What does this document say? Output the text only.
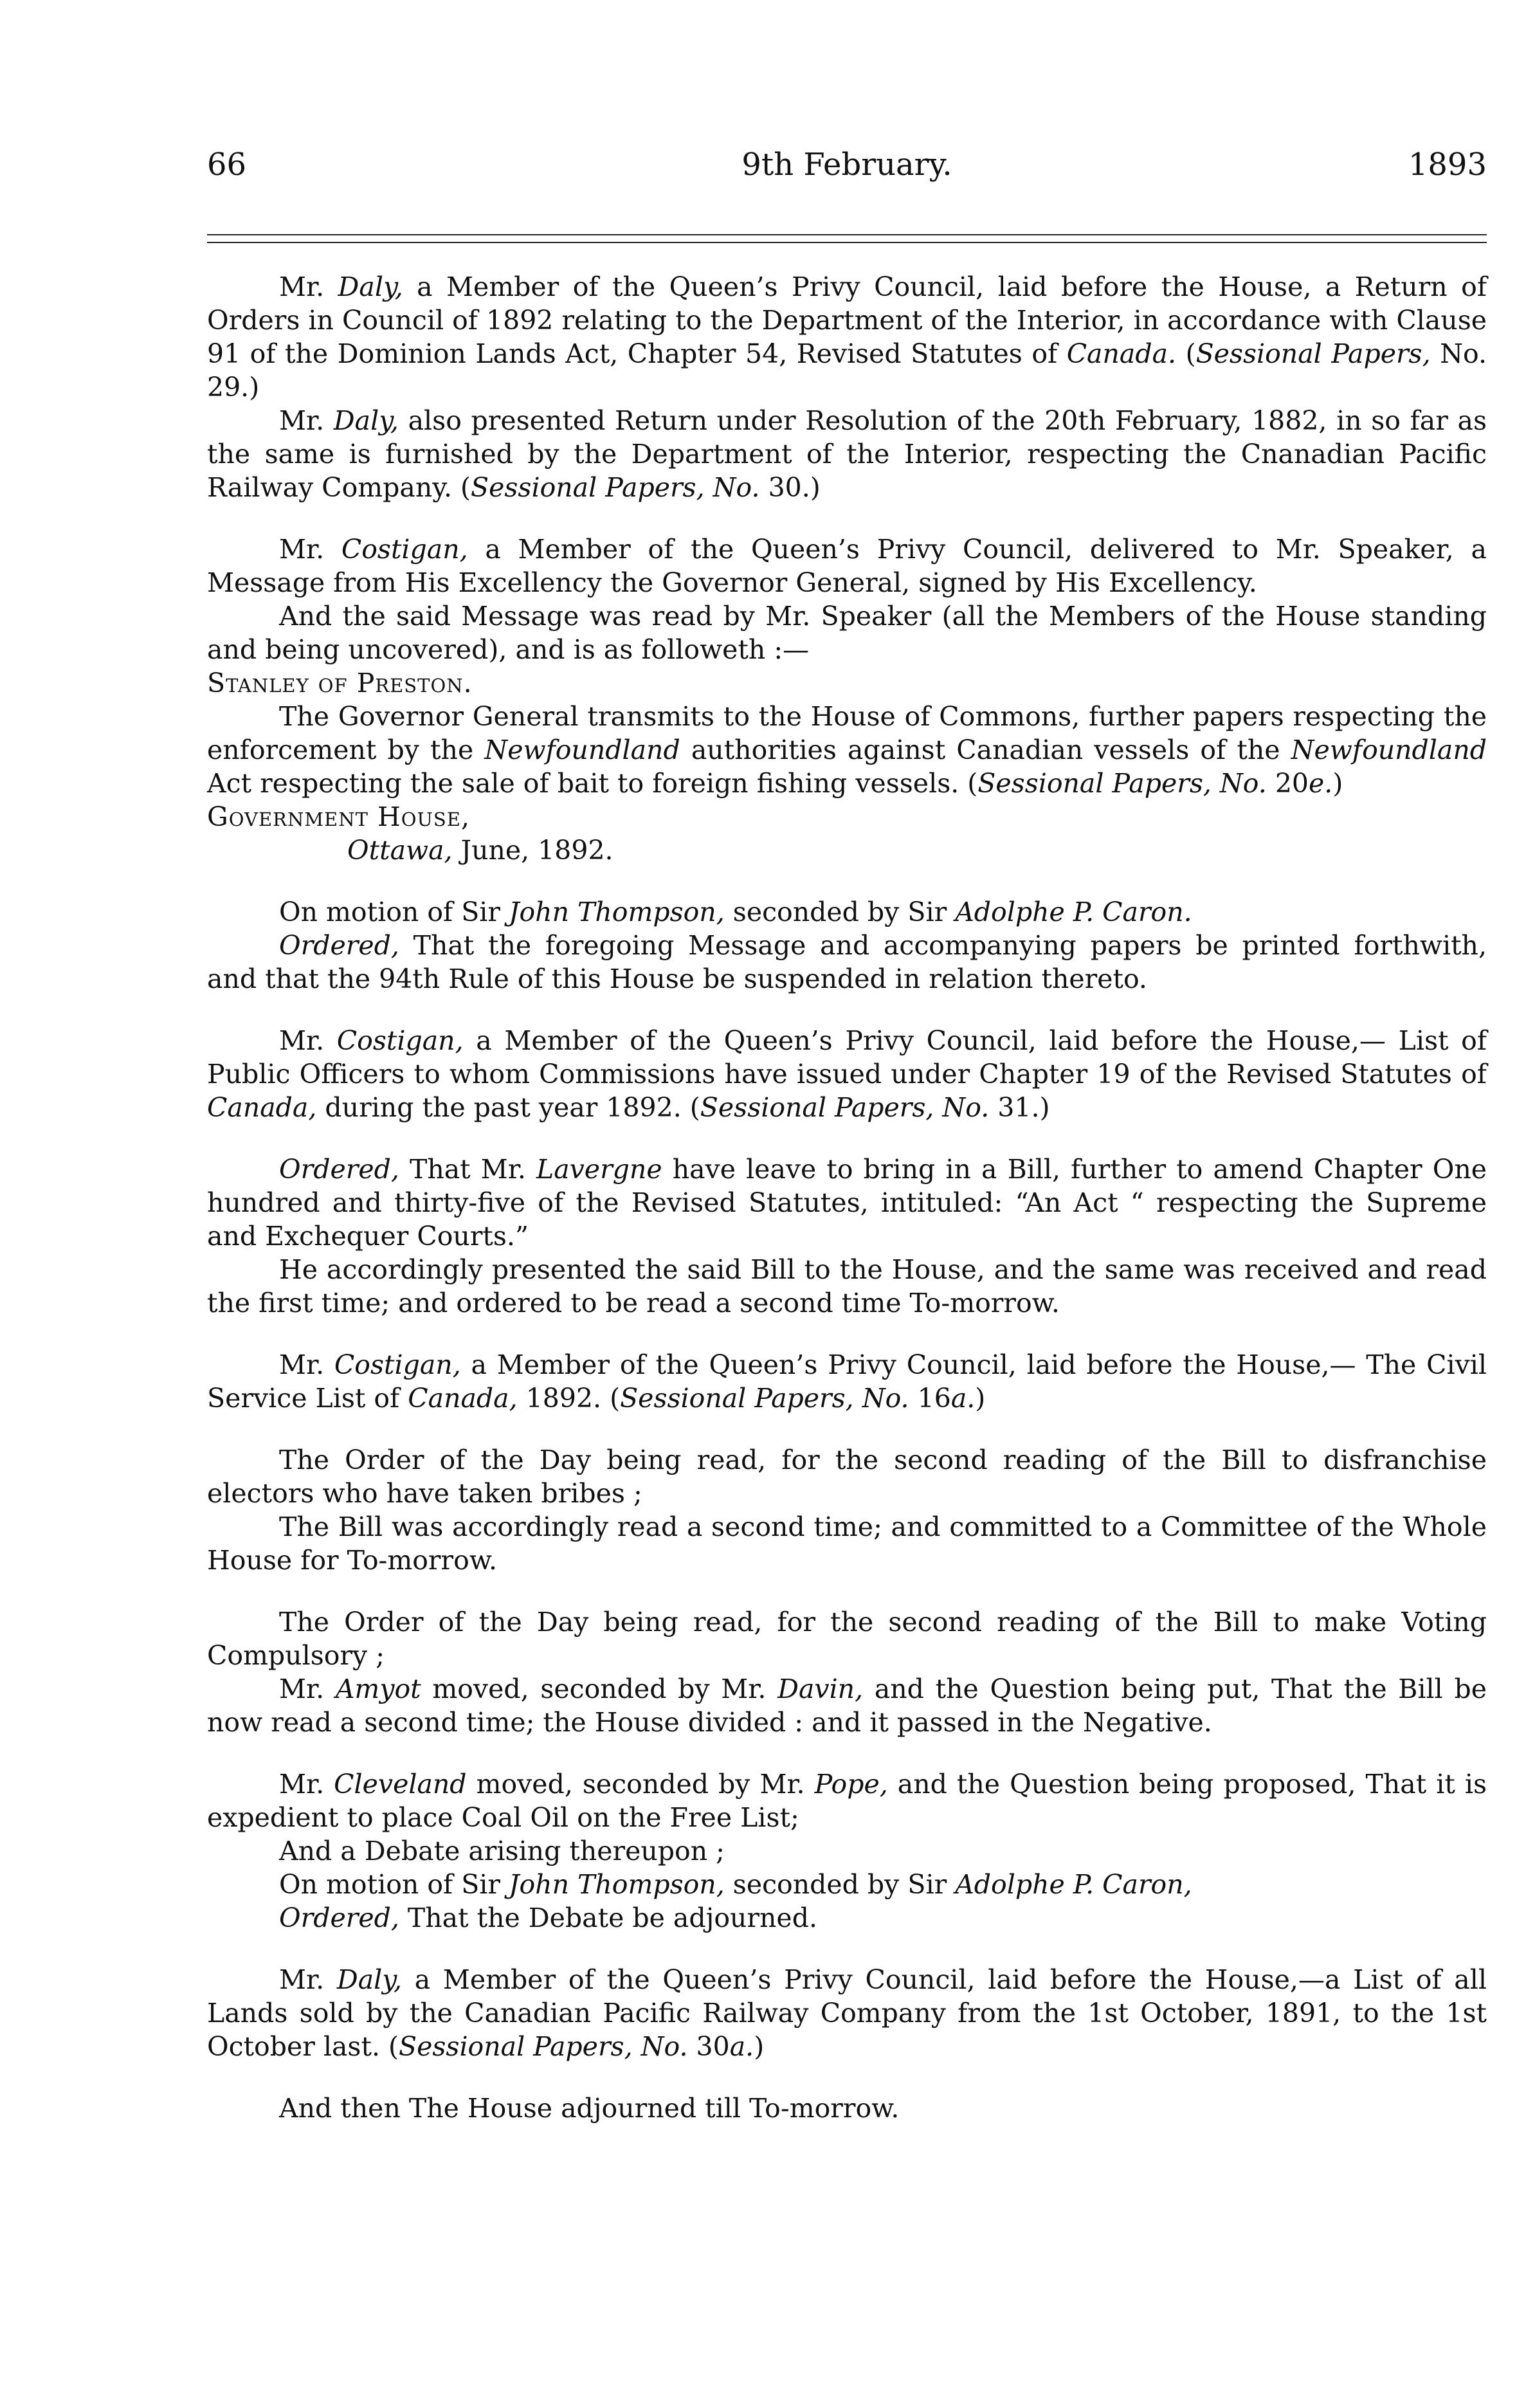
66	9th February.	1893

Mr. Daly, a Member of the Queen’s Privy Council, laid before the House, a Return of Orders in Council of 1892 relating to the Department of the Interior, in accordance with Clause 91 of the Dominion Lands Act, Chapter 54, Revised Statutes of Canada. (Sessional Papers, No. 29.)

Mr. Daly, also presented Return under Resolution of the 20th February, 1882, in so far as the same is furnished by the Department of the Interior, respecting the Cnanadian Pacific Railway Company. (Sessional Papers, No. 30.)

Mr. Costigan, a Member of the Queen’s Privy Council, delivered to Mr. Speaker, a Message from His Excellency the Governor General, signed by His Excellency.

And the said Message was read by Mr. Speaker (all the Members of the House standing and being uncovered), and is as followeth :—

Stanley of Preston.

The Governor General transmits to the House of Commons, further papers respecting the enforcement by the Newfoundland authorities against Canadian vessels of the Newfoundland Act respecting the sale of bait to foreign fishing vessels. (Sessional Papers, No. 20e.)

Government House,

Ottawa, June, 1892.

On motion of Sir John Thompson, seconded by Sir Adolphe P. Caron.

Ordered, That the foregoing Message and accompanying papers be printed forthwith, and that the 94th Rule of this House be suspended in relation thereto.

Mr. Costigan, a Member of the Queen’s Privy Council, laid before the House,— List of Public Officers to whom Commissions have issued under Chapter 19 of the Revised Statutes of Canada, during the past year 1892. (Sessional Papers, No. 31.)

Ordered, That Mr. Lavergne have leave to bring in a Bill, further to amend Chapter One hundred and thirty-five of the Revised Statutes, intituled: “An Act “ respecting the Supreme and Exchequer Courts.”

He accordingly presented the said Bill to the House, and the same was received and read the first time; and ordered to be read a second time To-morrow.

Mr. Costigan, a Member of the Queen’s Privy Council, laid before the House,— The Civil Service List of Canada, 1892. (Sessional Papers, No. 16a.)

The Order of the Day being read, for the second reading of the Bill to disfranchise electors who have taken bribes ;

The Bill was accordingly read a second time; and committed to a Committee of the Whole House for To-morrow.

The Order of the Day being read, for the second reading of the Bill to make Voting Compulsory ;

Mr. Amyot moved, seconded by Mr. Davin, and the Question being put, That the Bill be now read a second time; the House divided : and it passed in the Negative.

Mr. Cleveland moved, seconded by Mr. Pope, and the Question being proposed, That it is expedient to place Coal Oil on the Free List;

And a Debate arising thereupon ;

On motion of Sir John Thompson, seconded by Sir Adolphe P. Caron,

Ordered, That the Debate be adjourned.

Mr. Daly, a Member of the Queen’s Privy Council, laid before the House,—a List of all Lands sold by the Canadian Pacific Railway Company from the 1st October, 1891, to the 1st October last. (Sessional Papers, No. 30a.)

And then The House adjourned till To-morrow.
